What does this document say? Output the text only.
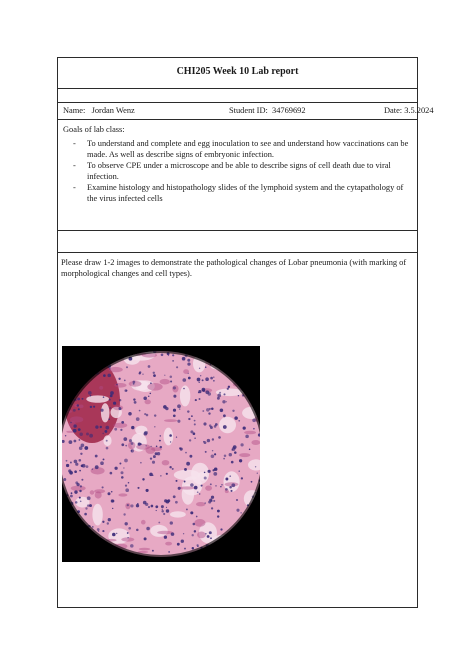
CHI205 Week 10 Lab report

Name: Jordan Wenz	Student ID: 34769692	Date: 3.5.2024

Goals of lab class:
- To understand and complete and egg inoculation to see and understand how vaccinations can be made. As well as describe signs of embryonic infection.
- To observe CPE under a microscope and be able to describe signs of cell death due to viral infection.
- Examine histology and histopathology slides of the lymphoid system and the cytapathology of the virus infected cells

Please draw 1-2 images to demonstrate the pathological changes of Lobar pneumonia (with marking of morphological changes and cell types).
